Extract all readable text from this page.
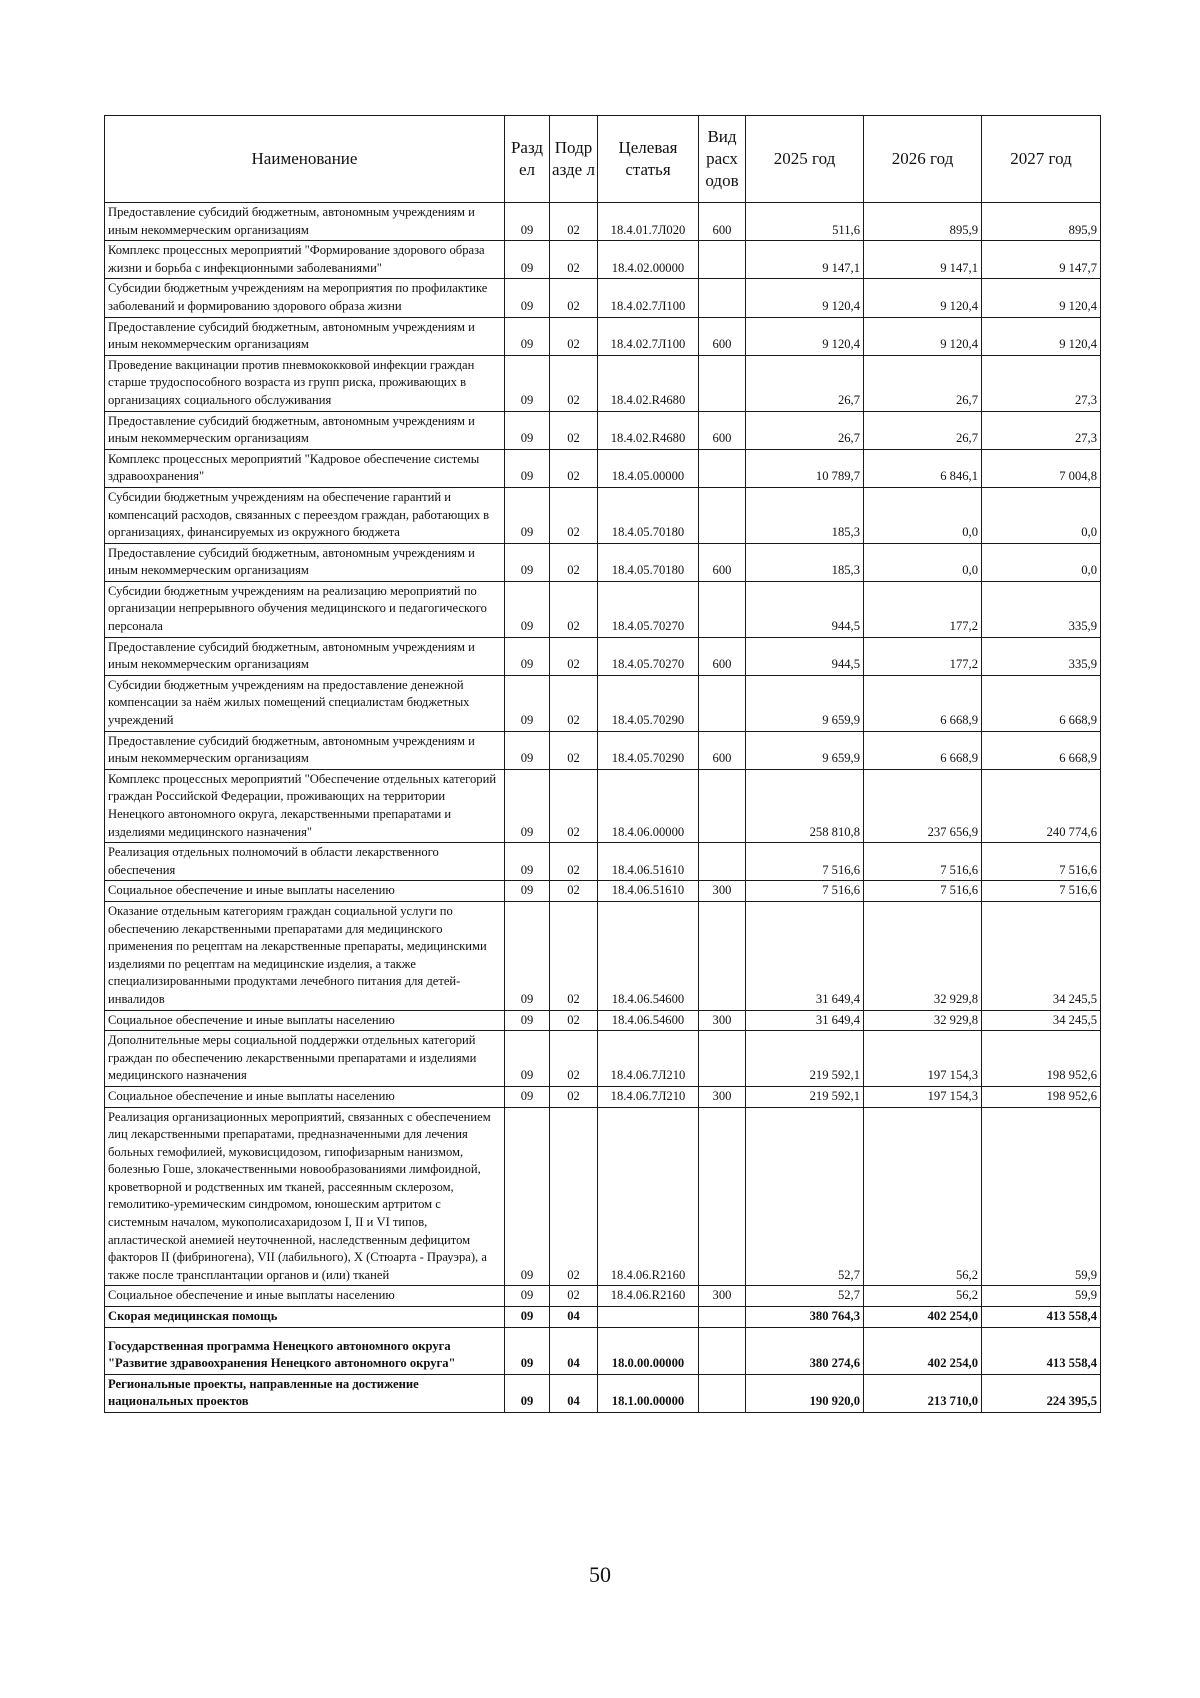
Наименование	Разд ел	Подр азде л	Целевая статья	Вид расх одов	2025 год	2026 год	2027 год
Предоставление субсидий бюджетным, автономным учреждениям и иным некоммерческим организациям	09	02	18.4.01.7Л020	600	511,6	895,9	895,9
Комплекс процессных мероприятий "Формирование здорового образа жизни и борьба с инфекционными заболеваниями"	09	02	18.4.02.00000		9 147,1	9 147,1	9 147,7
Субсидии бюджетным учреждениям на мероприятия по профилактике заболеваний и формированию здорового образа жизни	09	02	18.4.02.7Л100		9 120,4	9 120,4	9 120,4
Предоставление субсидий бюджетным, автономным учреждениям и иным некоммерческим организациям	09	02	18.4.02.7Л100	600	9 120,4	9 120,4	9 120,4
Проведение вакцинации против пневмококковой инфекции граждан старше трудоспособного возраста из групп риска, проживающих в организациях социального обслуживания	09	02	18.4.02.R4680		26,7	26,7	27,3
Предоставление субсидий бюджетным, автономным учреждениям и иным некоммерческим организациям	09	02	18.4.02.R4680	600	26,7	26,7	27,3
Комплекс процессных мероприятий "Кадровое обеспечение системы здравоохранения"	09	02	18.4.05.00000		10 789,7	6 846,1	7 004,8
Субсидии бюджетным учреждениям на обеспечение гарантий и компенсаций расходов, связанных с переездом граждан, работающих в организациях, финансируемых из окружного бюджета	09	02	18.4.05.70180		185,3	0,0	0,0
Предоставление субсидий бюджетным, автономным учреждениям и иным некоммерческим организациям	09	02	18.4.05.70180	600	185,3	0,0	0,0
Субсидии бюджетным учреждениям на реализацию мероприятий по организации непрерывного обучения медицинского и педагогического персонала	09	02	18.4.05.70270		944,5	177,2	335,9
Предоставление субсидий бюджетным, автономным учреждениям и иным некоммерческим организациям	09	02	18.4.05.70270	600	944,5	177,2	335,9
Субсидии бюджетным учреждениям на предоставление денежной компенсации за наём жилых помещений специалистам бюджетных учреждений	09	02	18.4.05.70290		9 659,9	6 668,9	6 668,9
Предоставление субсидий бюджетным, автономным учреждениям и иным некоммерческим организациям	09	02	18.4.05.70290	600	9 659,9	6 668,9	6 668,9
Комплекс процессных мероприятий "Обеспечение отдельных категорий граждан Российской Федерации, проживающих на территории Ненецкого автономного округа, лекарственными препаратами и изделиями медицинского назначения"	09	02	18.4.06.00000		258 810,8	237 656,9	240 774,6
Реализация отдельных полномочий в области лекарственного обеспечения	09	02	18.4.06.51610		7 516,6	7 516,6	7 516,6
Социальное обеспечение и иные выплаты населению	09	02	18.4.06.51610	300	7 516,6	7 516,6	7 516,6
Оказание отдельным категориям граждан социальной услуги по обеспечению лекарственными препаратами для медицинского применения по рецептам на лекарственные препараты, медицинскими изделиями по рецептам на медицинские изделия, а также специализированными продуктами лечебного питания для детей-инвалидов	09	02	18.4.06.54600		31 649,4	32 929,8	34 245,5
Социальное обеспечение и иные выплаты населению	09	02	18.4.06.54600	300	31 649,4	32 929,8	34 245,5
Дополнительные меры социальной поддержки отдельных категорий граждан по обеспечению лекарственными препаратами и изделиями медицинского назначения	09	02	18.4.06.7Л210		219 592,1	197 154,3	198 952,6
Социальное обеспечение и иные выплаты населению	09	02	18.4.06.7Л210	300	219 592,1	197 154,3	198 952,6
Реализация организационных мероприятий, связанных с обеспечением лиц лекарственными препаратами, предназначенными для лечения больных гемофилией, муковисцидозом, гипофизарным нанизмом, болезнью Гоше, злокачественными новообразованиями лимфоидной, кроветворной и родственных им тканей, рассеянным склерозом, гемолитико-уремическим синдромом, юношеским артритом с системным началом, мукополисахаридозом I, II и VI типов, апластической анемией неуточненной, наследственным дефицитом факторов II (фибриногена), VII (лабильного), X (Стюарта - Прауэра), а также после трансплантации органов и (или) тканей	09	02	18.4.06.R2160		52,7	56,2	59,9
Социальное обеспечение и иные выплаты населению	09	02	18.4.06.R2160	300	52,7	56,2	59,9
Скорая медицинская помощь	09	04			380 764,3	402 254,0	413 558,4
Государственная программа Ненецкого автономного округа "Развитие здравоохранения Ненецкого автономного округа"	09	04	18.0.00.00000		380 274,6	402 254,0	413 558,4
Региональные проекты, направленные на достижение национальных проектов	09	04	18.1.00.00000		190 920,0	213 710,0	224 395,5
50
